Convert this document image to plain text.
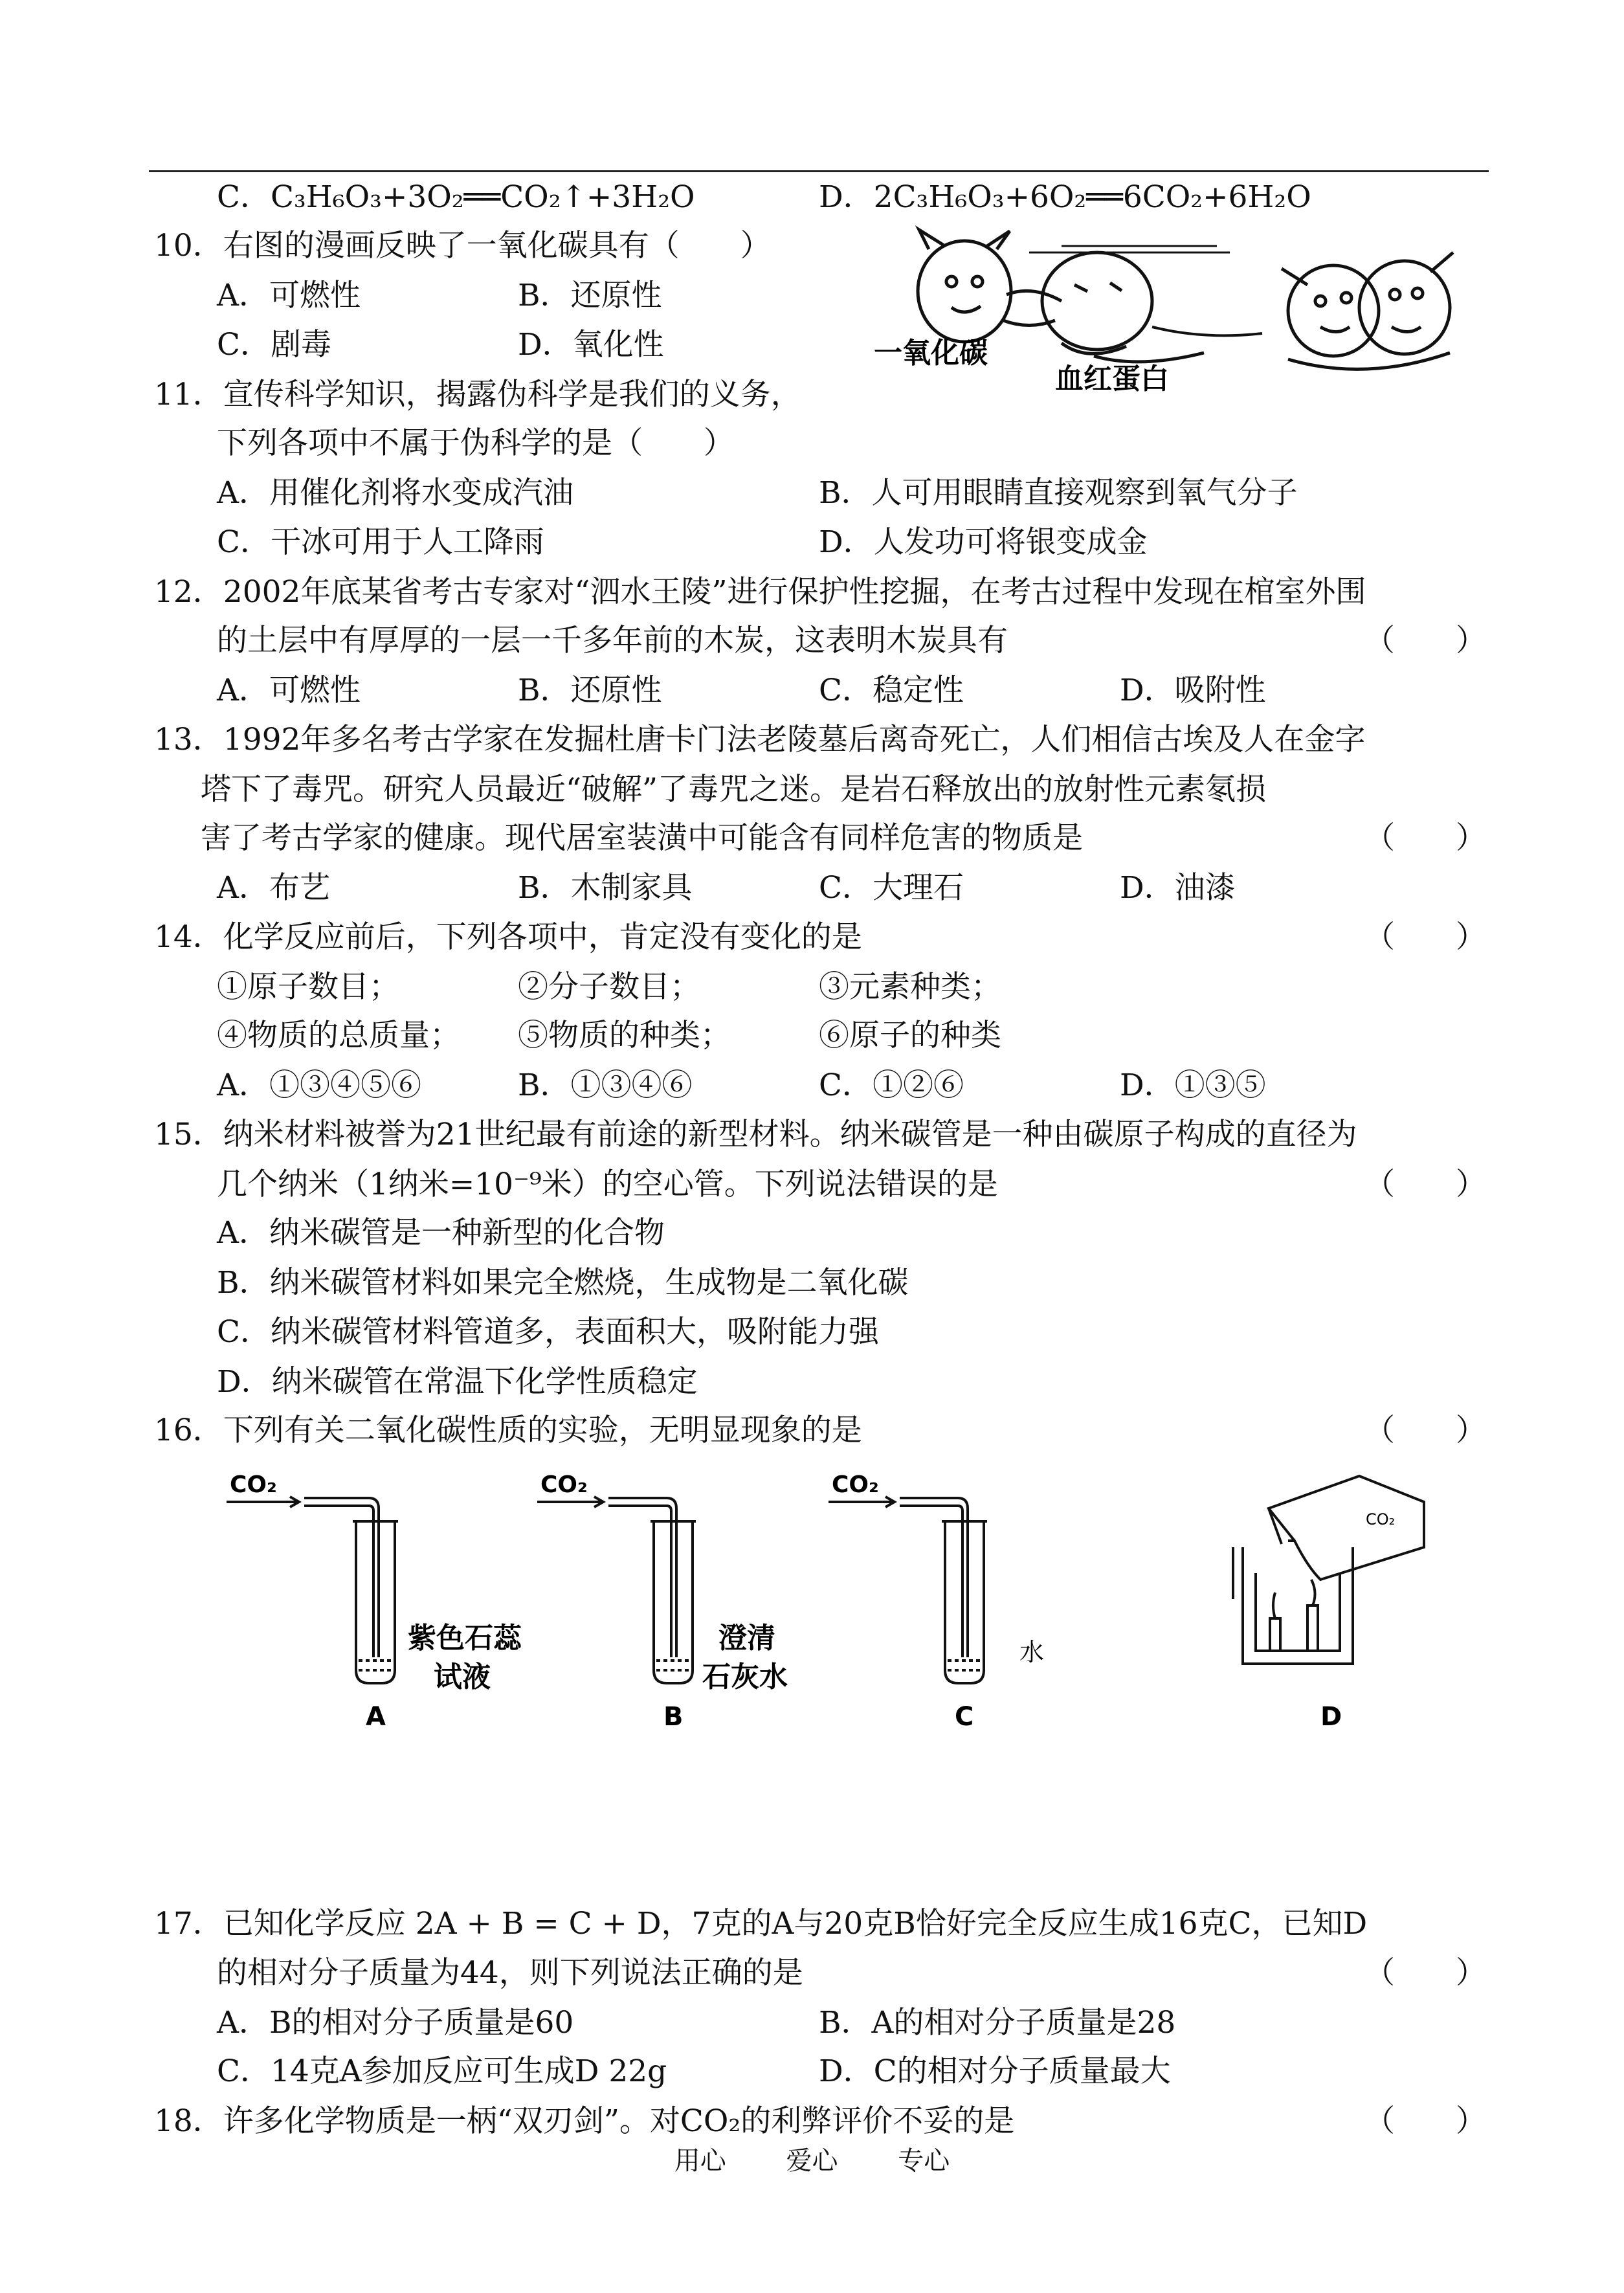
C．C₃H₆O₃+3O₂══CO₂↑+3H₂O	D．2C₃H₆O₃+6O₂══6CO₂+6H₂O
10．右图的漫画反映了一氧化碳具有（　　）
A．可燃性	B．还原性
C．剧毒	D．氧化性	一氧化碳
血红蛋白
11．宣传科学知识，揭露伪科学是我们的义务，
下列各项中不属于伪科学的是（　　）
A．用催化剂将水变成汽油	B．人可用眼睛直接观察到氧气分子
C．干冰可用于人工降雨	D．人发功可将银变成金
12．2002年底某省考古专家对“泗水王陵”进行保护性挖掘，在考古过程中发现在棺室外围
的土层中有厚厚的一层一千多年前的木炭，这表明木炭具有	（　　）
A．可燃性	B．还原性	C．稳定性	D．吸附性
13．1992年多名考古学家在发掘杜唐卡门法老陵墓后离奇死亡，人们相信古埃及人在金字
塔下了毒咒。研究人员最近“破解”了毒咒之迷。是岩石释放出的放射性元素氡损
害了考古学家的健康。现代居室装潢中可能含有同样危害的物质是	（　　）
A．布艺	B．木制家具	C．大理石	D．油漆
14．化学反应前后，下列各项中，肯定没有变化的是	（　　）
①原子数目；	②分子数目；	③元素种类；
④物质的总质量； ⑤物质的种类；	⑥原子的种类
A．①③④⑤⑥	B．①③④⑥	C．①②⑥	D．①③⑤
15．纳米材料被誉为21世纪最有前途的新型材料。纳米碳管是一种由碳原子构成的直径为
几个纳米（1纳米=10⁻⁹米）的空心管。下列说法错误的是	（　　）
A．纳米碳管是一种新型的化合物
B．纳米碳管材料如果完全燃烧，生成物是二氧化碳
C．纳米碳管材料管道多，表面积大，吸附能力强
D．纳米碳管在常温下化学性质稳定
16．下列有关二氧化碳性质的实验，无明显现象的是	（　　）
CO₂	CO₂	CO₂
紫色石蕊
试液
澄清
石灰水
水
CO₂
A	B	C	D
17．已知化学反应 2A + B = C + D，7克的A与20克B恰好完全反应生成16克C，已知D
的相对分子质量为44，则下列说法正确的是	（　　）
A．B的相对分子质量是60	B．A的相对分子质量是28
C．14克A参加反应可生成D 22g	D．C的相对分子质量最大
18．许多化学物质是一柄“双刃剑”。对CO₂的利弊评价不妥的是	（　　）
用心 爱心 专心
